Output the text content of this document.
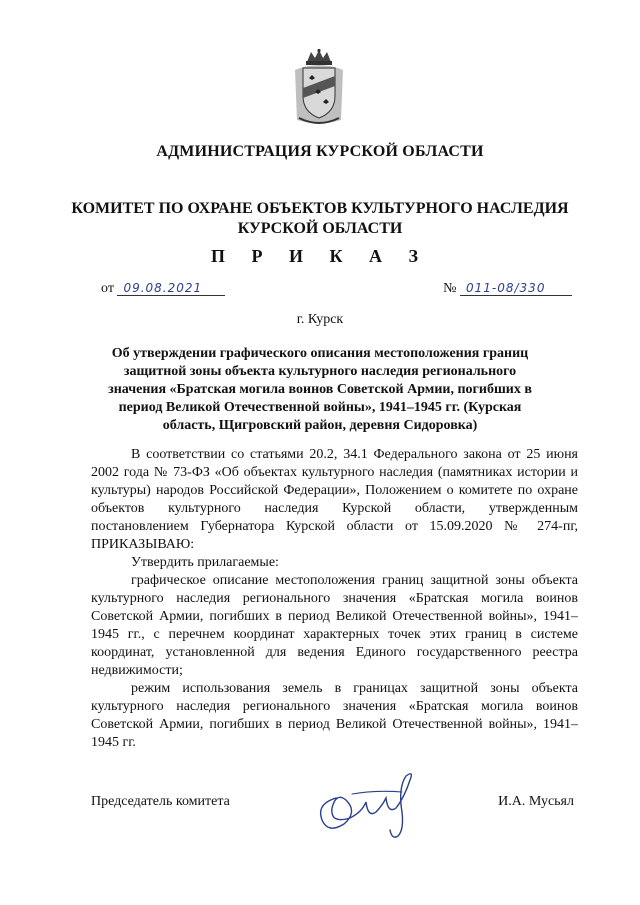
АДМИНИСТРАЦИЯ КУРСКОЙ ОБЛАСТИ
КОМИТЕТ ПО ОХРАНЕ ОБЪЕКТОВ КУЛЬТУРНОГО НАСЛЕДИЯ КУРСКОЙ ОБЛАСТИ
П Р И К А З
от 09.08.2021	№ 011-08/330
г. Курск
Об утверждении графического описания местоположения границ защитной зоны объекта культурного наследия регионального значения «Братская могила воинов Советской Армии, погибших в период Великой Отечественной войны», 1941–1945 гг. (Курская область, Щигровский район, деревня Сидоровка)

В соответствии со статьями 20.2, 34.1 Федерального закона от 25 июня 2002 года № 73-ФЗ «Об объектах культурного наследия (памятниках истории и культуры) народов Российской Федерации», Положением о комитете по охране объектов культурного наследия Курской области, утвержденным постановлением Губернатора Курской области от 15.09.2020 № 274-пг, ПРИКАЗЫВАЮ:

Утвердить прилагаемые:

графическое описание местоположения границ защитной зоны объекта культурного наследия регионального значения «Братская могила воинов Советской Армии, погибших в период Великой Отечественной войны», 1941–1945 гг., с перечнем координат характерных точек этих границ в системе координат, установленной для ведения Единого государственного реестра недвижимости;

режим использования земель в границах защитной зоны объекта культурного наследия регионального значения «Братская могила воинов Советской Армии, погибших в период Великой Отечественной войны», 1941–1945 гг.

Председатель комитета	И.А. Мусьял
